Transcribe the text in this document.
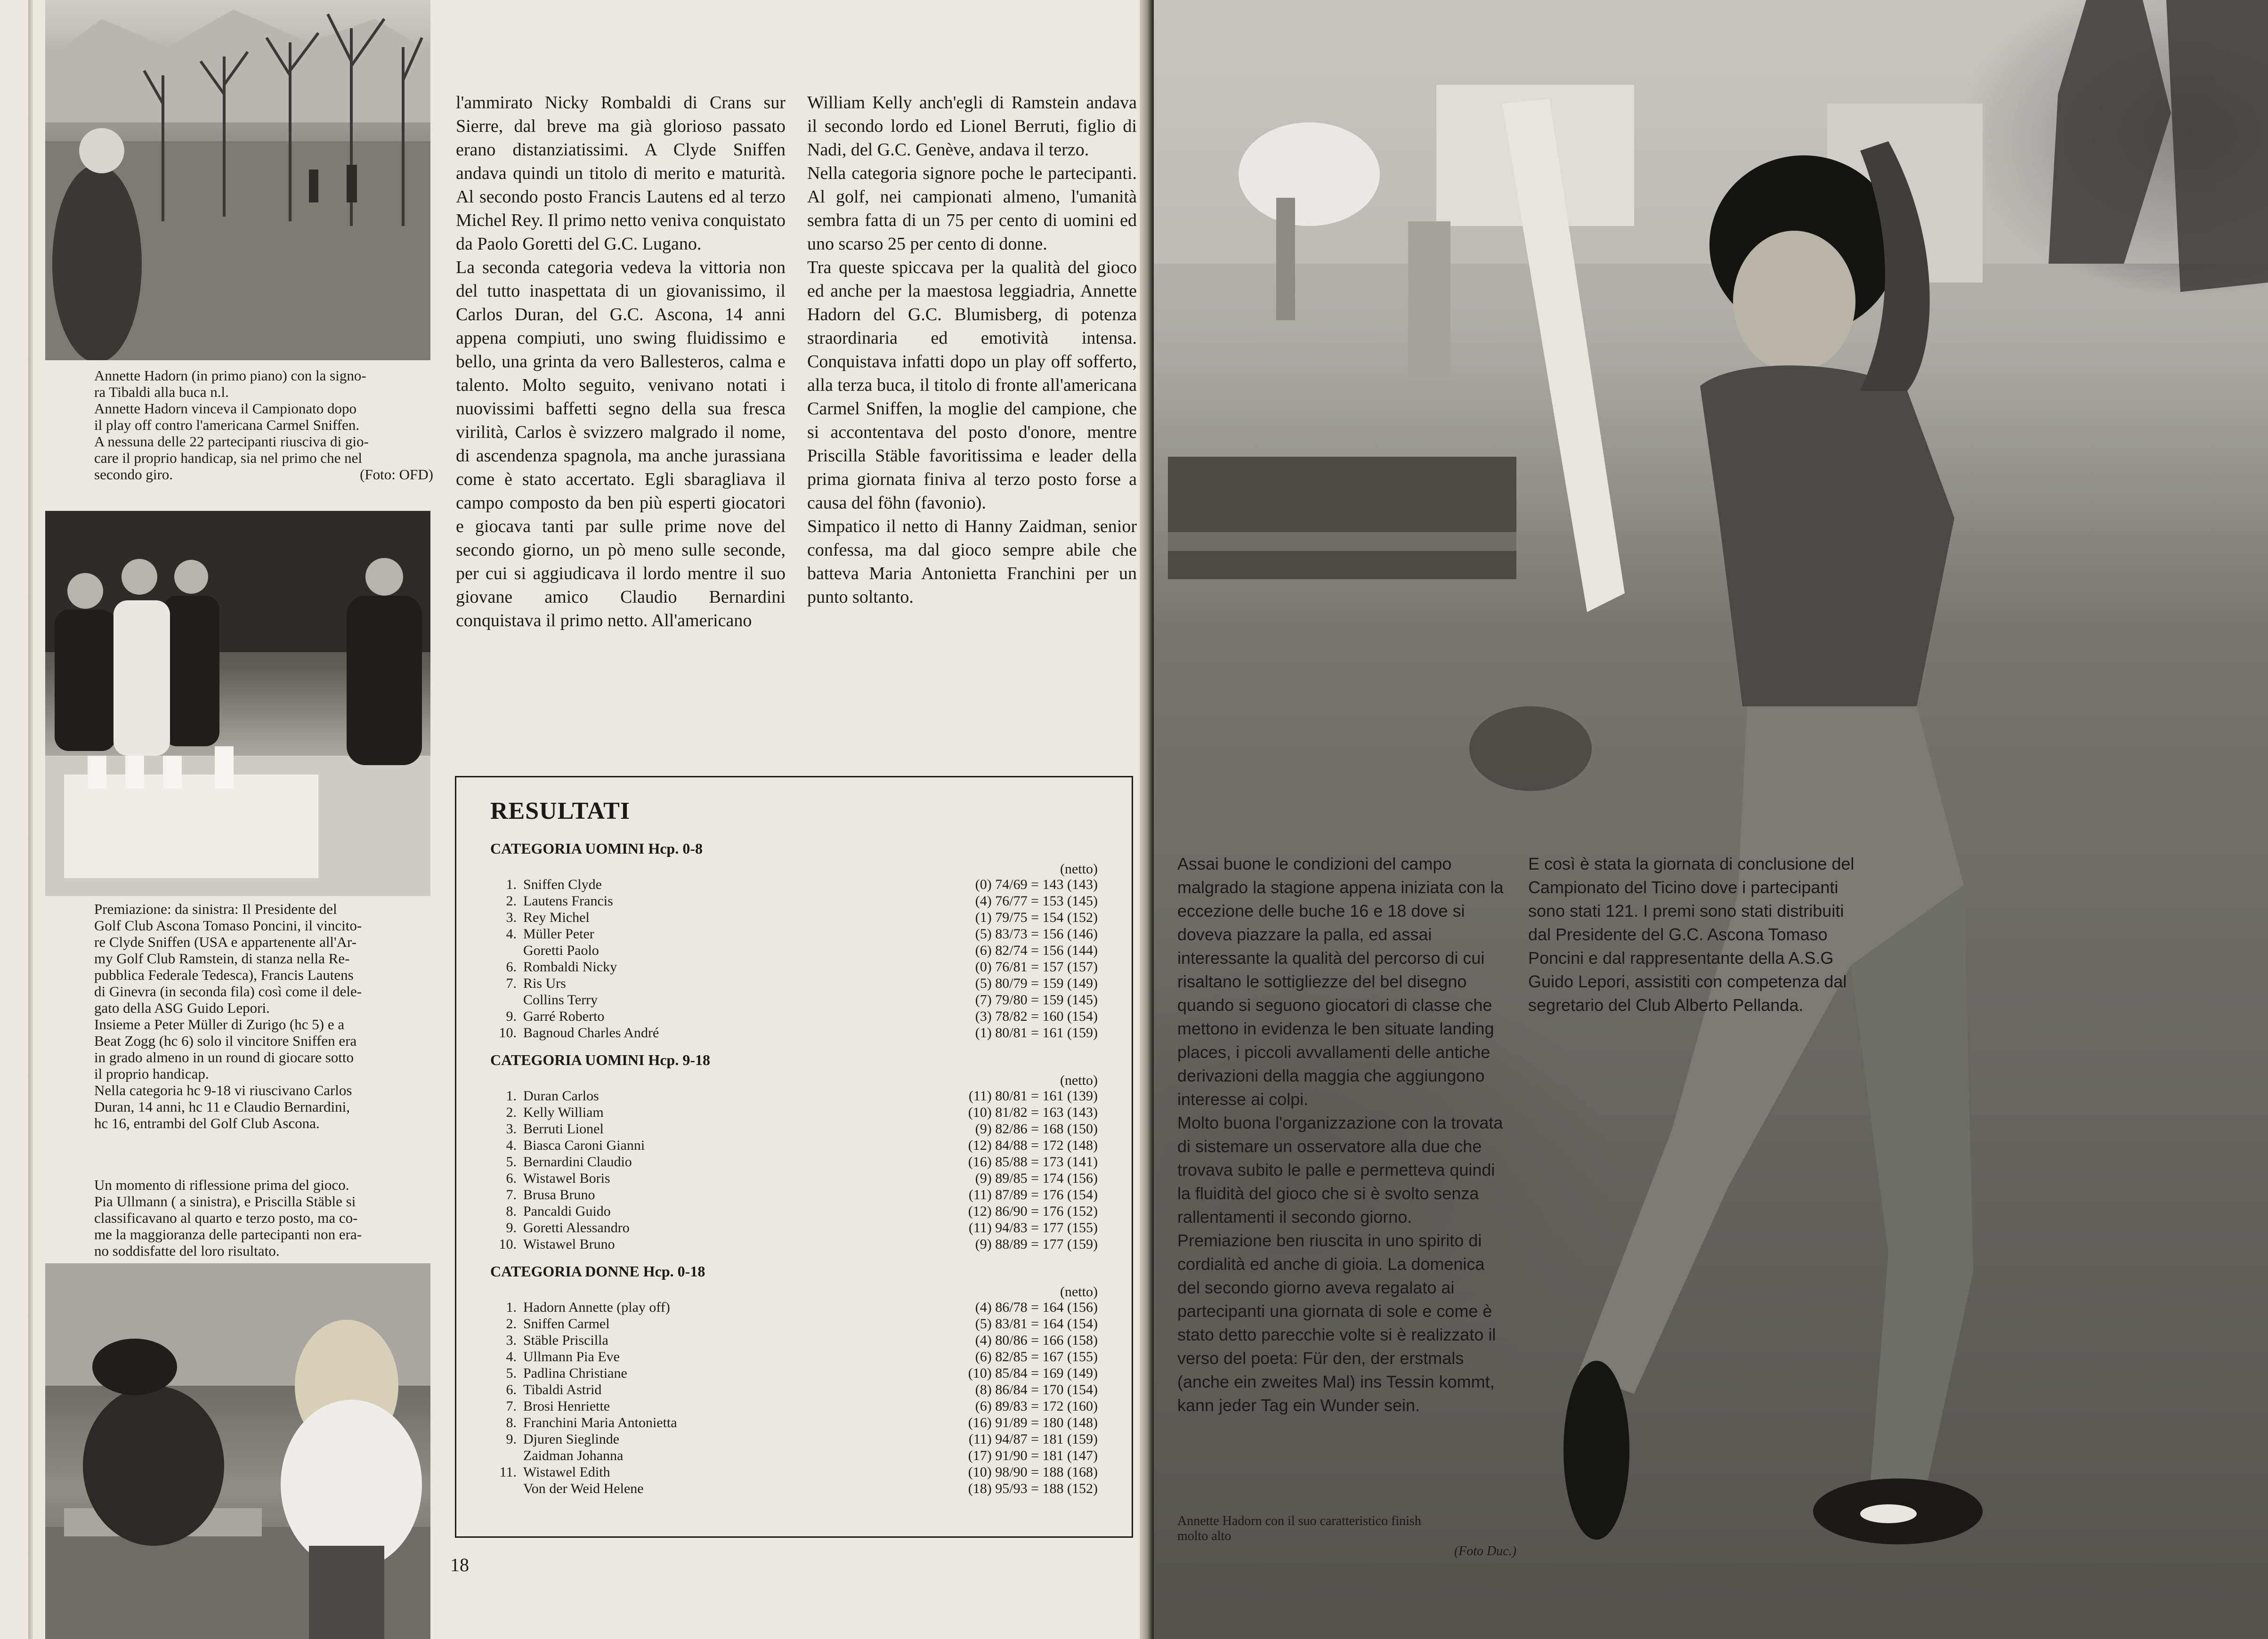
Annette Hadorn (in primo piano) con la signo-

ra Tibaldi alla buca n.l.

Annette Hadorn vinceva il Campionato dopo

il play off contro l'americana Carmel Sniffen.

A nessuna delle 22 partecipanti riusciva di gio-

care il proprio handicap, sia nel primo che nel

secondo giro.	(Foto: OFD)

Premiazione: da sinistra: Il Presidente del

Golf Club Ascona Tomaso Poncini, il vincito-

re Clyde Sniffen (USA e appartenente all'Ar-

my Golf Club Ramstein, di stanza nella Re-

pubblica Federale Tedesca), Francis Lautens

di Ginevra (in seconda fila) così come il dele-

gato della ASG Guido Lepori.

Insieme a Peter Müller di Zurigo (hc 5) e a

Beat Zogg (hc 6) solo il vincitore Sniffen era

in grado almeno in un round di giocare sotto

il proprio handicap.

Nella categoria hc 9-18 vi riuscivano Carlos

Duran, 14 anni, hc 11 e Claudio Bernardini,

hc 16, entrambi del Golf Club Ascona.

Un momento di riflessione prima del gioco.

Pia Ullmann ( a sinistra), e Priscilla Stäble si

classificavano al quarto e terzo posto, ma co-

me la maggioranza delle partecipanti non era-

no soddisfatte del loro risultato.

l'ammirato Nicky Rombaldi di Crans sur Sierre, dal breve ma già glorioso passato erano distanziatissimi. A Clyde Sniffen andava quindi un titolo di merito e maturità. Al secondo posto Francis Lautens ed al terzo Michel Rey. Il primo netto veniva conquistato da Paolo Goretti del G.C. Lugano.

La seconda categoria vedeva la vittoria non del tutto inaspettata di un giovanissimo, il Carlos Duran, del G.C. Ascona, 14 anni appena compiuti, uno swing fluidissimo e bello, una grinta da vero Ballesteros, calma e talento. Molto seguito, venivano notati i nuovissimi baffetti segno della sua fresca virilità, Carlos è svizzero malgrado il nome, di ascendenza spagnola, ma anche jurassiana come è stato accertato. Egli sbaragliava il campo composto da ben più esperti giocatori e giocava tanti par sulle prime nove del secondo giorno, un pò meno sulle seconde, per cui si aggiudicava il lordo mentre il suo giovane amico Claudio Bernardini conquistava il primo netto. All'americano

William Kelly anch'egli di Ramstein andava il secondo lordo ed Lionel Berruti, figlio di Nadi, del G.C. Genève, andava il terzo.

Nella categoria signore poche le partecipanti. Al golf, nei campionati almeno, l'umanità sembra fatta di un 75 per cento di uomini ed uno scarso 25 per cento di donne.

Tra queste spiccava per la qualità del gioco ed anche per la maestosa leggiadria, Annette Hadorn del G.C. Blumisberg, di potenza straordinaria ed emotività intensa. Conquistava infatti dopo un play off sofferto, alla terza buca, il titolo di fronte all'americana Carmel Sniffen, la moglie del campione, che si accontentava del posto d'onore, mentre Priscilla Stäble favoritissima e leader della prima giornata finiva al terzo posto forse a causa del föhn (favonio).

Simpatico il netto di Hanny Zaidman, senior confessa, ma dal gioco sempre abile che batteva Maria Antonietta Franchini per un punto soltanto.

RESULTATI
CATEGORIA UOMINI Hcp. 0-8
(netto)
1. Sniffen Clyde	(0) 74/69 = 143 (143)
2. Lautens Francis	(4) 76/77 = 153 (145)
3. Rey Michel	(1) 79/75 = 154 (152)
4. Müller Peter	(5) 83/73 = 156 (146)
Goretti Paolo	(6) 82/74 = 156 (144)
6. Rombaldi Nicky	(0) 76/81 = 157 (157)
7. Ris Urs	(5) 80/79 = 159 (149)
Collins Terry	(7) 79/80 = 159 (145)
9. Garré Roberto	(3) 78/82 = 160 (154)
10. Bagnoud Charles André	(1) 80/81 = 161 (159)
CATEGORIA UOMINI Hcp. 9-18
(netto)
1. Duran Carlos	(11) 80/81 = 161 (139)
2. Kelly William	(10) 81/82 = 163 (143)
3. Berruti Lionel	(9) 82/86 = 168 (150)
4. Biasca Caroni Gianni	(12) 84/88 = 172 (148)
5. Bernardini Claudio	(16) 85/88 = 173 (141)
6. Wistawel Boris	(9) 89/85 = 174 (156)
7. Brusa Bruno	(11) 87/89 = 176 (154)
8. Pancaldi Guido	(12) 86/90 = 176 (152)
9. Goretti Alessandro	(11) 94/83 = 177 (155)
10. Wistawel Bruno	(9) 88/89 = 177 (159)
CATEGORIA DONNE Hcp. 0-18
(netto)
1. Hadorn Annette (play off)	(4) 86/78 = 164 (156)
2. Sniffen Carmel	(5) 83/81 = 164 (154)
3. Stäble Priscilla	(4) 80/86 = 166 (158)
4. Ullmann Pia Eve	(6) 82/85 = 167 (155)
5. Padlina Christiane	(10) 85/84 = 169 (149)
6. Tibaldi Astrid	(8) 86/84 = 170 (154)
7. Brosi Henriette	(6) 89/83 = 172 (160)
8. Franchini Maria Antonietta	(16) 91/89 = 180 (148)
9. Djuren Sieglinde	(11) 94/87 = 181 (159)
Zaidman Johanna	(17) 91/90 = 181 (147)
11. Wistawel Edith	(10) 98/90 = 188 (168)
Von der Weid Helene	(18) 95/93 = 188 (152)
18

Assai buone le condizioni del campo malgrado la stagione appena iniziata con la eccezione delle buche 16 e 18 dove si doveva piazzare la palla, ed assai interessante la qualità del percorso di cui risaltano le sottigliezze del bel disegno quando si seguono giocatori di classe che mettono in evidenza le ben situate landing places, i piccoli avvallamenti delle antiche derivazioni della maggia che aggiungono interesse ai colpi.

Molto buona l'organizzazione con la trovata di sistemare un osservatore alla due che trovava subito le palle e permetteva quindi la fluidità del gioco che si è svolto senza rallentamenti il secondo giorno.

Premiazione ben riuscita in uno spirito di cordialità ed anche di gioia. La domenica del secondo giorno aveva regalato ai partecipanti una giornata di sole e come è stato detto parecchie volte si è realizzato il verso del poeta: Für den, der erstmals (anche ein zweites Mal) ins Tessin kommt, kann jeder Tag ein Wunder sein.

E così è stata la giornata di conclusione del Campionato del Ticino dove i partecipanti sono stati 121. I premi sono stati distribuiti dal Presidente del G.C. Ascona Tomaso Poncini e dal rappresentante della A.S.G Guido Lepori, assistiti con competenza dal segretario del Club Alberto Pellanda.

Annette Hadorn con il suo caratteristico finish
molto alto
(Foto Duc.)
